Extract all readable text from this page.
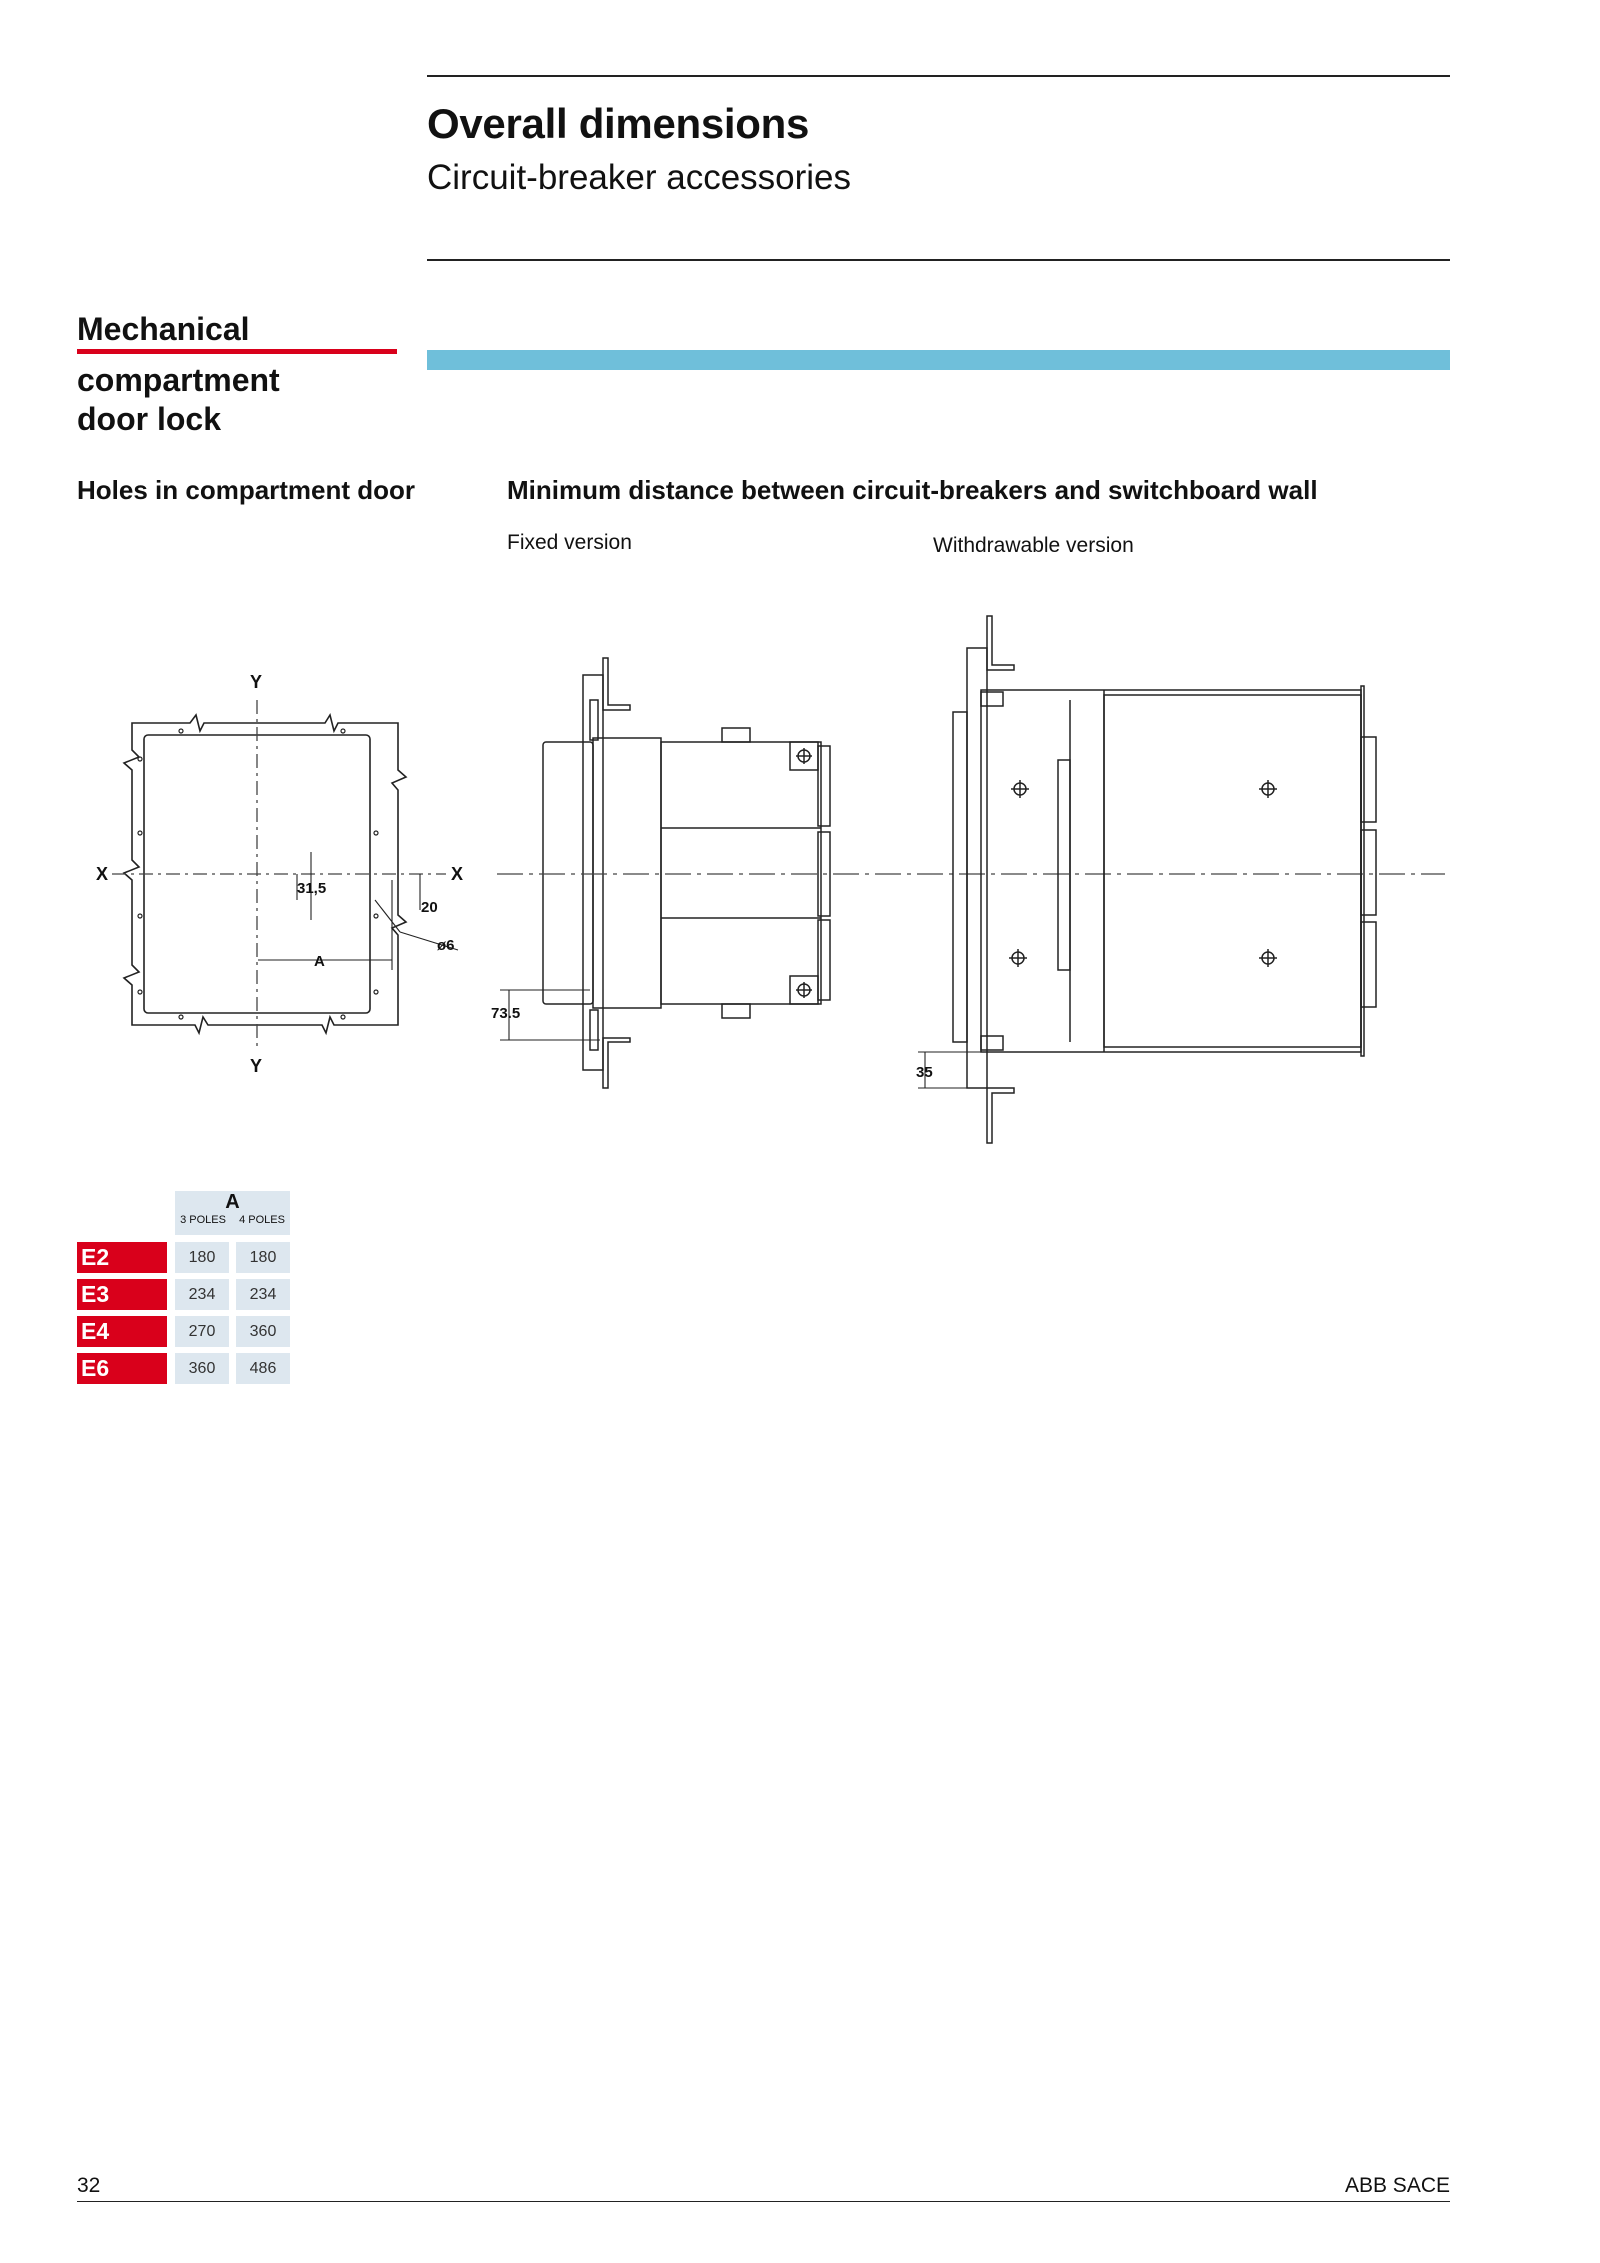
Overall dimensions
Circuit-breaker accessories
Mechanical
compartment
door lock
Holes in compartment door	Minimum distance between circuit-breakers and switchboard wall
Fixed version	Withdrawable version
Y
Y
X	X
31,5
20
ø6
A
73.5
35
A
3 POLES	4 POLES
E2	180	180
E3	234	234
E4	270	360
E6	360	486
32	ABB SACE
